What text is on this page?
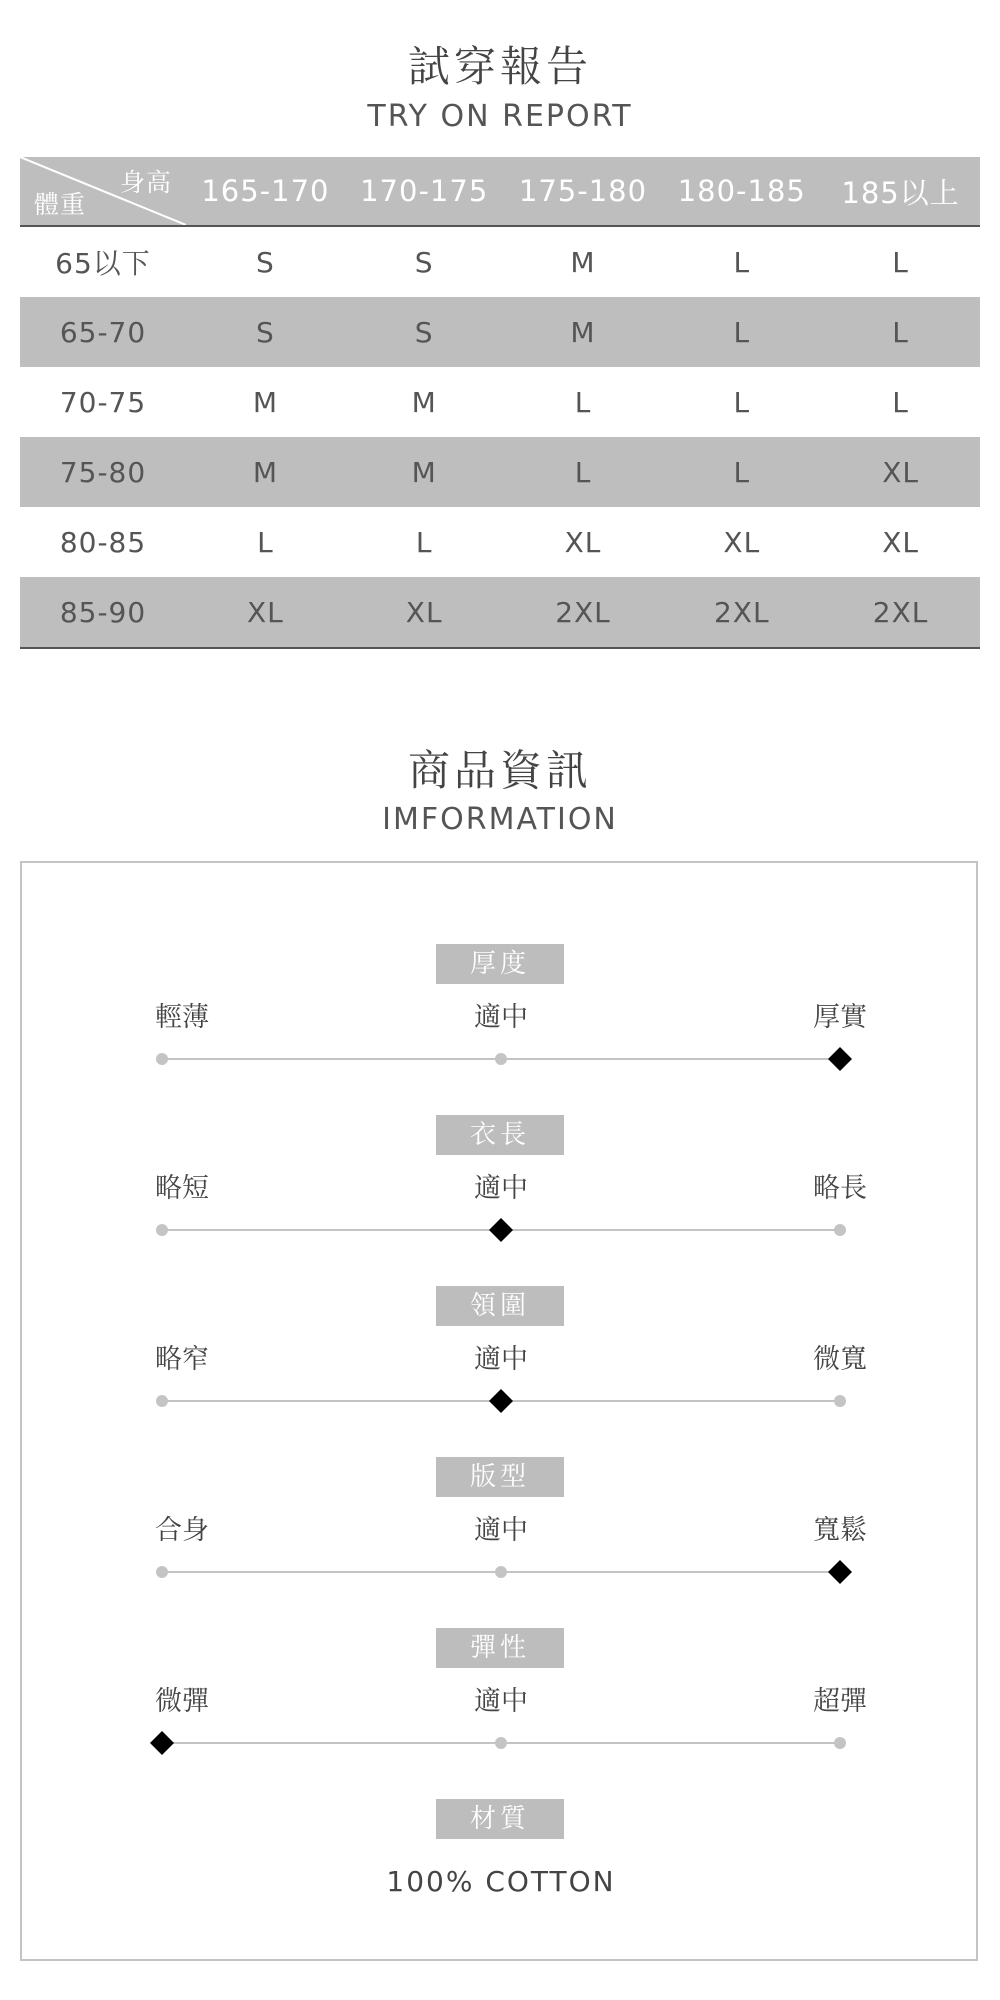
試穿報告
TRY ON REPORT
身高
體重	165-170	170-175	175-180	180-185	185以上
65以下	S	S	M	L	L
65-70	S	S	M	L	L
70-75	M	M	L	L	L
75-80	M	M	L	L	XL
80-85	L	L	XL	XL	XL
85-90	XL	XL	2XL	2XL	2XL
商品資訊
IMFORMATION
厚度
輕薄	適中	厚實
衣長
略短	適中	略長
領圍
略窄	適中	微寬
版型
合身	適中	寬鬆
彈性
微彈	適中	超彈
材質
100% COTTON
